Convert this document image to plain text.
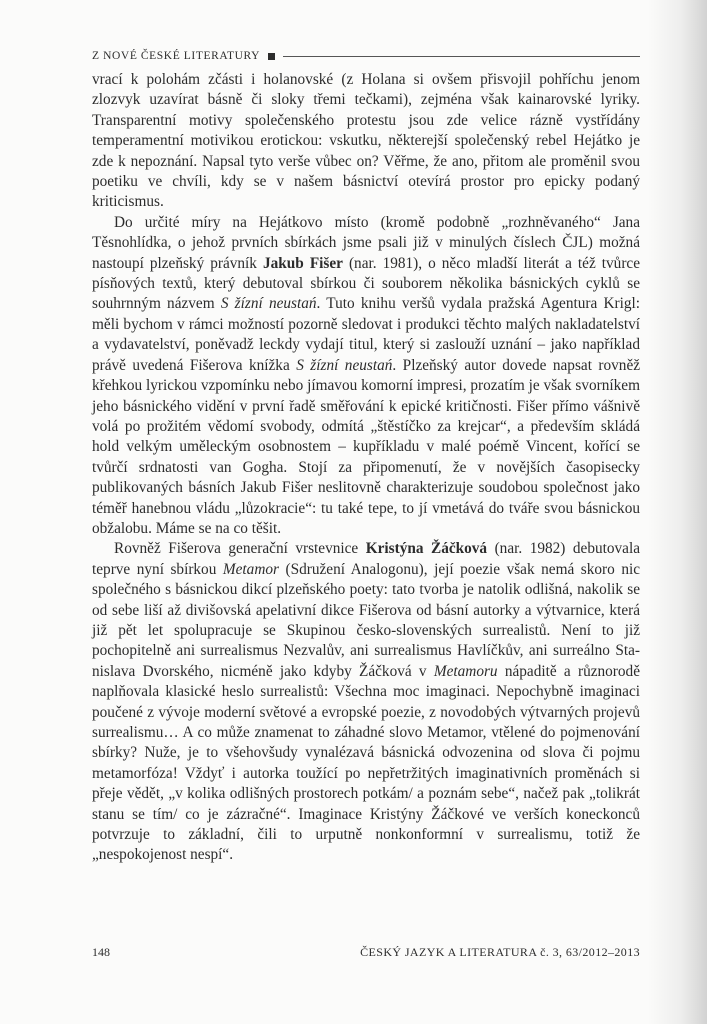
Z NOVÉ ČESKÉ LITERATURY

vrací k polohám zčásti i holanovské (z Holana si ovšem přisvojil pohříchu jenom zlozvyk uzavírat básně či sloky třemi tečkami), zejména však kainarovské lyriky. Transparentní motivy společenského protestu jsou zde velice rázně vystřídány temperamentní motivikou erotickou: vskutku, některejší společenský rebel Hejátko je zde k nepoznání. Napsal tyto verše vůbec on? Věřme, že ano, přitom ale proměnil svou poetiku ve chvíli, kdy se v našem básnictví otevírá prostor pro epicky podaný kriticismus.

Do určité míry na Hejátkovo místo (kromě podobně „rozhněvaného“ Jana Těsnohlídka, o jehož prvních sbírkách jsme psali již v minulých číslech ČJL) možná nastoupí plzeňský právník Jakub Fišer (nar. 1981), o něco mladší literát a též tvůrce písňových textů, který debutoval sbírkou či souborem několika básnických cyklů se souhrnným názvem S žízní neustań. Tuto knihu veršů vydala pražská Agentura Krigl: měli bychom v rámci možností pozorně sledovat i produkci těchto malých nakladatelství a vydavatelství, poněvadž leckdy vydají titul, který si zaslouží uznání – jako například právě uvedená Fišerova knížka S žízní neustań. Plzeňský autor dovede napsat rovněž křehkou lyrickou vzpomínku nebo jímavou komorní impresi, prozatím je však svorníkem jeho básnického vidění v první řadě směřování k epické kritičnosti. Fišer přímo vášnivě volá po prožitém vědomí svobody, odmítá „štěstíčko za krejcar“, a především skládá hold velkým uměleckým osobnostem – kupříkladu v malé poémě Vincent, kořící se tvůrčí srdnatosti van Gogha. Stojí za připomenutí, že v novějších časopisecky publikovaných básních Jakub Fišer neslitovně charakterizuje soudobou společnost jako téměř hanebnou vládu „lůzokracie“: tu také tepe, to jí vmetává do tváře svou básnickou obžalobu. Máme se na co těšit.

Rovněž Fišerova generační vrstevnice Kristýna Žáčková (nar. 1982) debutovala teprve nyní sbírkou Metamor (Sdružení Analogonu), její poezie však nemá skoro nic společného s básnickou dikcí plzeňského poety: tato tvorba je natolik odlišná, nakolik se od sebe liší až divišovská apelativní dikce Fišerova od básní autorky a výtvarnice, která již pět let spolupracuje se Skupinou česko-slovenských surrealistů. Není to již pochopitelně ani surrealismus Nezvalův, ani surrealismus Havlíčkův, ani surreálno Stanislava Dvorského, nicméně jako kdyby Žáčková v Metamoru nápaditě a různorodě naplňovala klasické heslo surrealistů: Všechna moc imaginaci. Nepochybně imaginaci poučené z vývoje moderní světové a evropské poezie, z novodobých výtvarných projevů surrealismu… A co může znamenat to záhadné slovo Metamor, vtělené do pojmenování sbírky? Nuže, je to všehovšudy vynalézavá básnická odvozenina od slova či pojmu metamorfóza! Vždyť i autorka toužící po nepřetržitých imaginativních proměnách si přeje vědět, „v kolika odlišných prostorech potkám/ a poznám sebe“, načež pak „tolikrát stanu se tím/ co je zázračné“. Imaginace Kristýny Žáčkové ve verších koneckonců potvrzuje to základní, čili to urputně nonkonformní v surrealismu, totiž že „nespokojenost nespí“.

148	ČESKÝ JAZYK A LITERATURA č. 3, 63/2012–2013
